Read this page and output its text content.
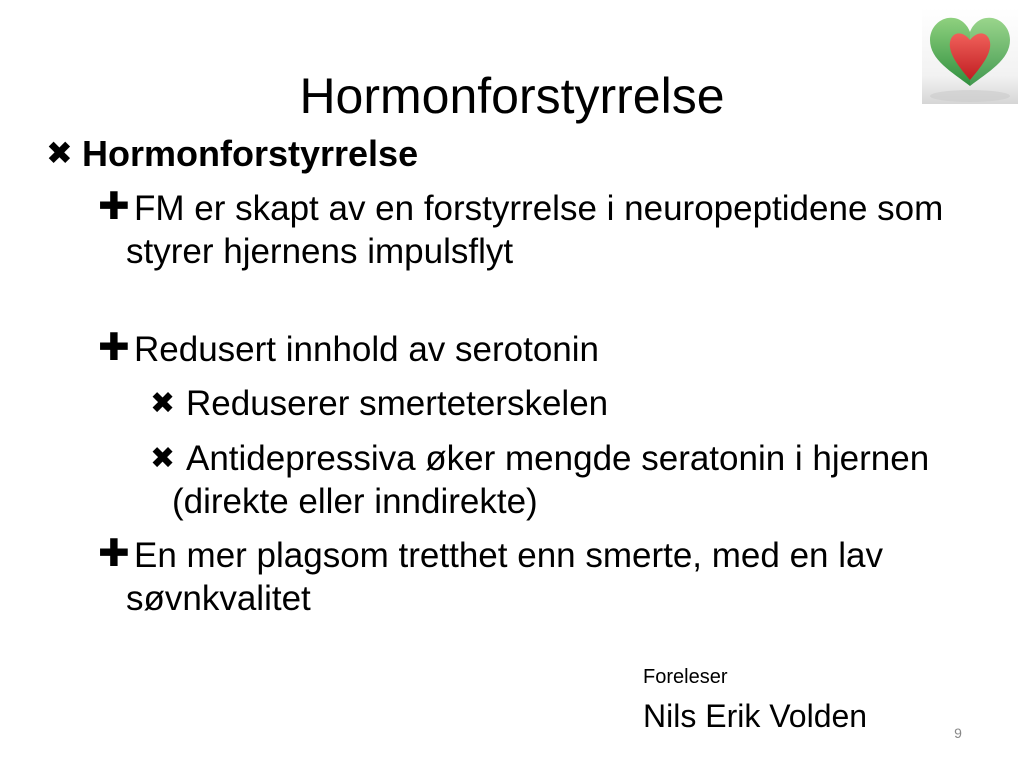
Hormonforstyrrelse
✖ Hormonforstyrrelse
✚ FM er skapt av en forstyrrelse i neuropeptidene som styrer hjernens impulsflyt
✚ Redusert innhold av serotonin
✖ Reduserer smerteterskelen
✖ Antidepressiva øker mengde seratonin i hjernen (direkte eller inndirekte)
✚ En mer plagsom tretthet enn smerte, med en lav søvnkvalitet
Foreleser
Nils Erik Volden	9
